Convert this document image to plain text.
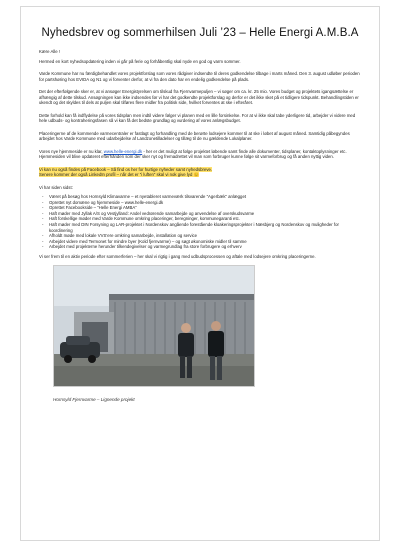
Nyhedsbrev og sommerhilsen Juli ’23 – Helle Energi A.M.B.A

Kære Alle !

Hermed en kort nyhedsopdatering inden vi går på ferie og forhåbentlig skal nyde en god og varm sommer.

Varde Kommune har nu færdigbehandlet vores projektforslag som vores rådgiver indsendte til deres godkendelse tilbage i marts måned. Den 3. august udløber perioden for partshøring hos EVIDA og N1 og vi forventer derfor, at vi fra den dato har en endelig godkendelse på plads.

Det der efterfølgende sker er, at vi ansøger Energistyrelsen om tilskud fra Fjernvarmepuljen – vi søger om ca. kr. 25 mio. Vores budget og projektets igangsættelse er afhængig af dette tilskud. Ansøgningen kan ikke indsendes før vi har det godkendte projektforslag og derfor er det ikke sket på et tidligere tidspunkt. Behandlingstiden er ukendt og det skyldes til dels at puljen skal tilføres flere midler fra politisk side, hvilket forventes at ske i efteråret.

Dette forhold kan få indflydelse på vores tidsplan men indtil videre følger vi planen med en lille forsinkelse. For at vi ikke skal tabe yderligere tid, arbejder vi videre med hele udbuds- og kontraheringsfasen så vi kan få det bedste grundlag og vurdering af vores anlægsbudget.

Placeringerne af de kommende varmecentraler er fastlagt og forhandling med de berørte lodsejere kommer til at ske i løbet af august måned. Samtidig påbegyndes arbejdet hos Varde Kommune med udarbejdelse af Landzonetilladelser og tillæg til de nu gældende Lokalplaner.

Vores nye hjemmeside er nu klar, www.helle-energi.dk - her er det muligt at følge projektet løbende samt finde alle dokumenter, tidsplaner, kontaktoplysninger etc. Hjemmesiden vil blive opdateret efterhånden som der sker nyt og fremadrettet vil man som forbruger kunne følge sit varmeforbrug og få anden nyttig viden.

Vi kan nu også findes på Facebook – Så find os her for hurtige nyheder samt nyhedsbreve.
Senere kommer der også LinkedIn profil – når det er ”i luften” skal vi nok give lyd 😊

Vi har siden sidst:

- Været på besøg hos Hornsyld Klimavarme – et nyetableret varmeværk tilsvarende ”Agerbæk” anlægget
- Oprettet nyt domæne og hjemmeside – www.helle-energi.dk
- Oprettet Facebookside – ”Helle Energi AMBA”
- Haft møder med Jyllak A/S og Vestjylland: Andel vedrørende samarbejde og anvendelse af overskudsvarme
- Haft forskellige møder med Varde Kommune omkring placeringer, beregninger, kommunegaranti etc.
- Haft møder med DIN Forsyning og LAR-projektet i Nordenskov angående forestående kloakeringsprojekter i Næsbjerg og Nordenskov og muligheder for koordinering
- Afholdt møde med lokale VVS’ere omkring samarbejde, installation og service
- Arbejdet videre med Termonet for mindre byer (Kold fjernvarme) – og søgt økonomiske midler til samme
- Arbejdet med projekterne herunder tilkendegivelser og varmegrundlag fra store forbrugere og erhverv

Vi ser frem til en aktiv periode efter sommerferien – her skal vi rigtig i gang med udbudsprocessen og aftale med lodsejere omkring placeringerne.

Hornsyld Fjernvarme – Lignende projekt
